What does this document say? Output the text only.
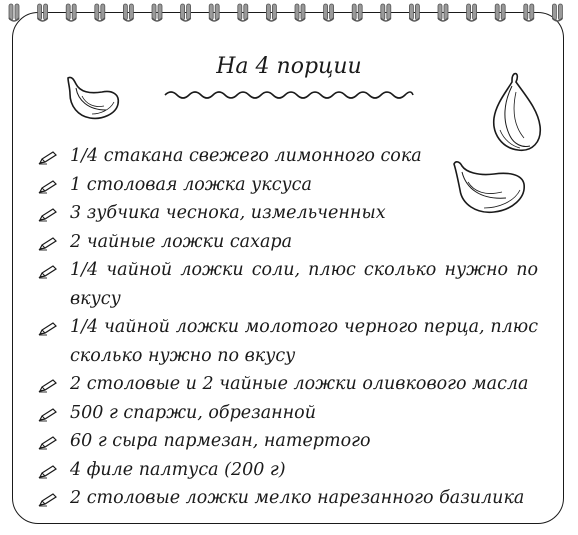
На 4 порции
1/4 стакана свежего лимонного сока
1 столовая ложка уксуса
3 зубчика чеснока, измельченных
2 чайные ложки сахара
1/4 чайной ложки соли, плюс сколько нужно по вкусу
1/4 чайной ложки молотого черного перца, плюс сколько нужно по вкусу
2 столовые и 2 чайные ложки оливкового масла
500 г спаржи, обрезанной
60 г сыра пармезан, натертого
4 филе палтуса (200 г)
2 столовые ложки мелко нарезанного базилика
